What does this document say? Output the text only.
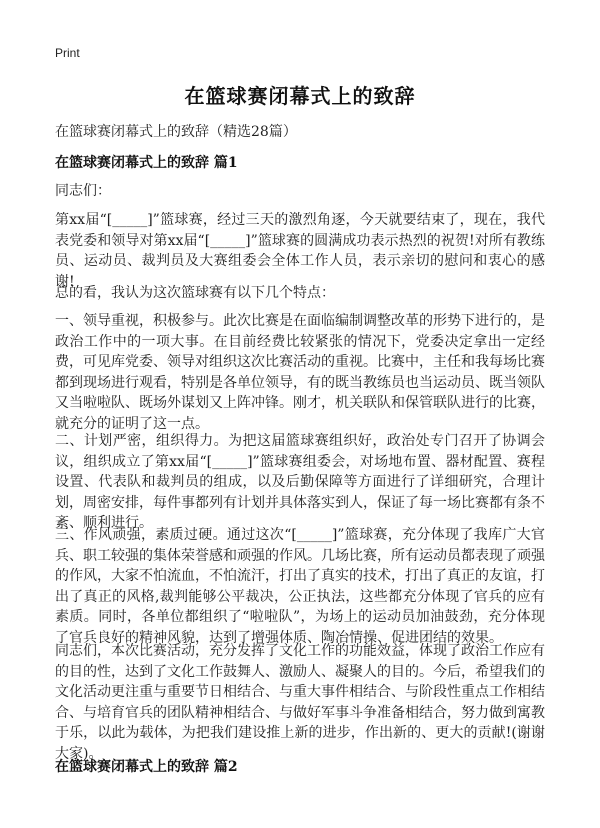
Print
在篮球赛闭幕式上的致辞
在篮球赛闭幕式上的致辞（精选28篇）
在篮球赛闭幕式上的致辞 篇1
同志们：
第xx届“[_____]”篮球赛，经过三天的激烈角逐，今天就要结束了，现在，我代表党委和领导对第xx届“[_____]”篮球赛的圆满成功表示热烈的祝贺!对所有教练员、运动员、裁判员及大赛组委会全体工作人员，表示亲切的慰问和衷心的感谢!
总的看，我认为这次篮球赛有以下几个特点：
一、领导重视，积极参与。此次比赛是在面临编制调整改革的形势下进行的，是政治工作中的一项大事。在目前经费比较紧张的情况下，党委决定拿出一定经费，可见库党委、领导对组织这次比赛活动的重视。比赛中，主任和我每场比赛都到现场进行观看，特别是各单位领导，有的既当教练员也当运动员、既当领队又当啦啦队、既场外谋划又上阵冲锋。刚才，机关联队和保管联队进行的比赛，就充分的证明了这一点。
二、计划严密，组织得力。为把这届篮球赛组织好，政治处专门召开了协调会议，组织成立了第xx届“[_____]”篮球赛组委会，对场地布置、器材配置、赛程设置、代表队和裁判员的组成，以及后勤保障等方面进行了详细研究，合理计划，周密安排，每件事都列有计划并具体落实到人，保证了每一场比赛都有条不紊、顺利进行。
三、作风顽强，素质过硬。通过这次“[_____]”篮球赛，充分体现了我库广大官兵、职工较强的集体荣誉感和顽强的作风。几场比赛，所有运动员都表现了顽强的作风，大家不怕流血，不怕流汗，打出了真实的技术，打出了真正的友谊，打出了真正的风格,裁判能够公平裁决，公正执法，这些都充分体现了官兵的应有素质。同时，各单位都组织了“啦啦队”，为场上的运动员加油鼓劲，充分体现了官兵良好的精神风貌，达到了增强体质、陶冶情操、促进团结的效果。
同志们，本次比赛活动，充分发挥了文化工作的功能效益，体现了政治工作应有的目的性，达到了文化工作鼓舞人、激励人、凝聚人的目的。今后，希望我们的文化活动更注重与重要节日相结合、与重大事件相结合、与阶段性重点工作相结合、与培育官兵的团队精神相结合、与做好军事斗争准备相结合，努力做到寓教于乐，以此为载体，为把我们建设推上新的进步，作出新的、更大的贡献!(谢谢大家)。
在篮球赛闭幕式上的致辞 篇2
